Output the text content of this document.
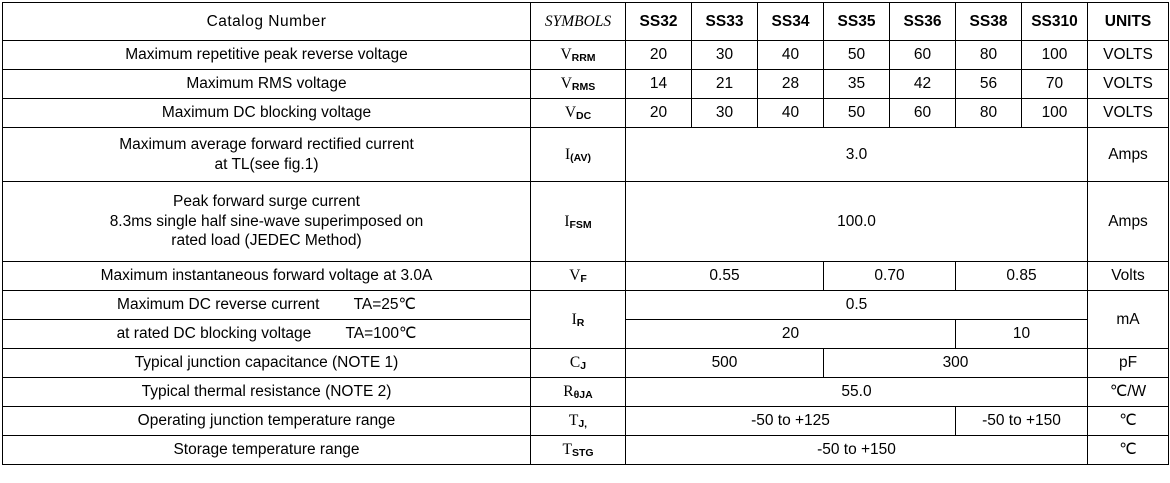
Catalog Number	SYMBOLS	SS32	SS33	SS34	SS35	SS36	SS38	SS310	UNITS

Maximum repetitive peak reverse voltage	$V_{RRM}$	20	30	40	50	60	80	100	VOLTS

Maximum RMS voltage	$V_{RMS}$	14	21	28	35	42	56	70	VOLTS

Maximum DC blocking voltage	$V_{DC}$	20	30	40	50	60	80	100	VOLTS

Maximum average forward rectified current
at TL(see fig.1)	$I_{(AV)}$	3.0							Amps

Peak forward surge current
8.3ms single half sine-wave superimposed on
rated load (JEDEC Method)	$I_{FSM}$	100.0							Amps

Maximum instantaneous forward voltage at 3.0A	$V_F$	0.55			0.70		0.85		Volts

Maximum DC reverse current        TA=25℃	$I_R$	0.5							mA

at rated DC blocking voltage        TA=100℃		20					10		

Typical junction capacitance (NOTE 1)	$C_J$	500			300				pF

Typical thermal resistance (NOTE 2)	$R_{\theta JA}$	55.0							℃/W

Operating junction temperature range	$T_{J,}$	-50 to +125					-50 to +150		℃

Storage temperature range	$T_{STG}$	-50 to +150							℃
